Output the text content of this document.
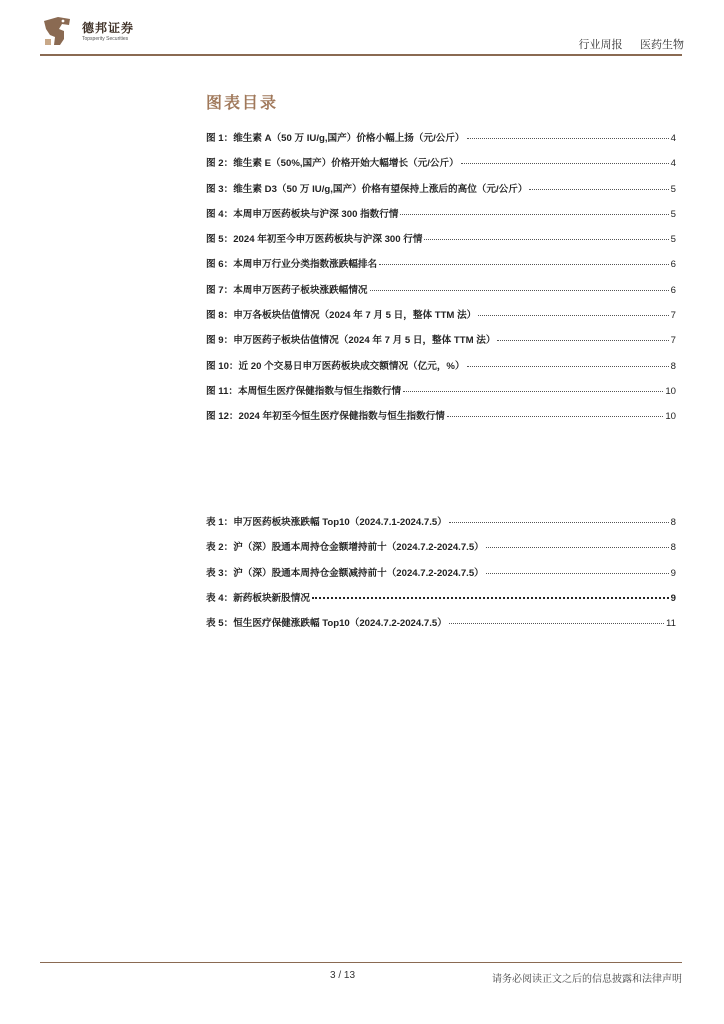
德邦证券
Topsperity Securities	行业周报 医药生物
图表目录
图 1： 维生素 A（50 万 IU/g,国产）价格小幅上扬（元/公斤）	4
图 2： 维生素 E（50%,国产）价格开始大幅增长（元/公斤）	4
图 3： 维生素 D3（50 万 IU/g,国产）价格有望保持上涨后的高位（元/公斤）	5
图 4： 本周申万医药板块与沪深 300 指数行情	5
图 5： 2024 年初至今申万医药板块与沪深 300 行情	5
图 6： 本周申万行业分类指数涨跌幅排名	6
图 7： 本周申万医药子板块涨跌幅情况	6
图 8： 申万各板块估值情况（2024 年 7 月 5 日，整体 TTM 法）	7
图 9： 申万医药子板块估值情况（2024 年 7 月 5 日，整体 TTM 法）	7
图 10： 近 20 个交易日申万医药板块成交额情况（亿元，%）	8
图 11： 本周恒生医疗保健指数与恒生指数行情	10
图 12： 2024 年初至今恒生医疗保健指数与恒生指数行情	10
表 1： 申万医药板块涨跌幅 Top10（2024.7.1-2024.7.5）	8
表 2： 沪（深）股通本周持仓金额增持前十（2024.7.2-2024.7.5）	8
表 3： 沪（深）股通本周持仓金额减持前十（2024.7.2-2024.7.5）	9
表 4： 新药板块新股情况	9
表 5： 恒生医疗保健涨跌幅 Top10（2024.7.2-2024.7.5）	11
3 / 13	请务必阅读正文之后的信息披露和法律声明
